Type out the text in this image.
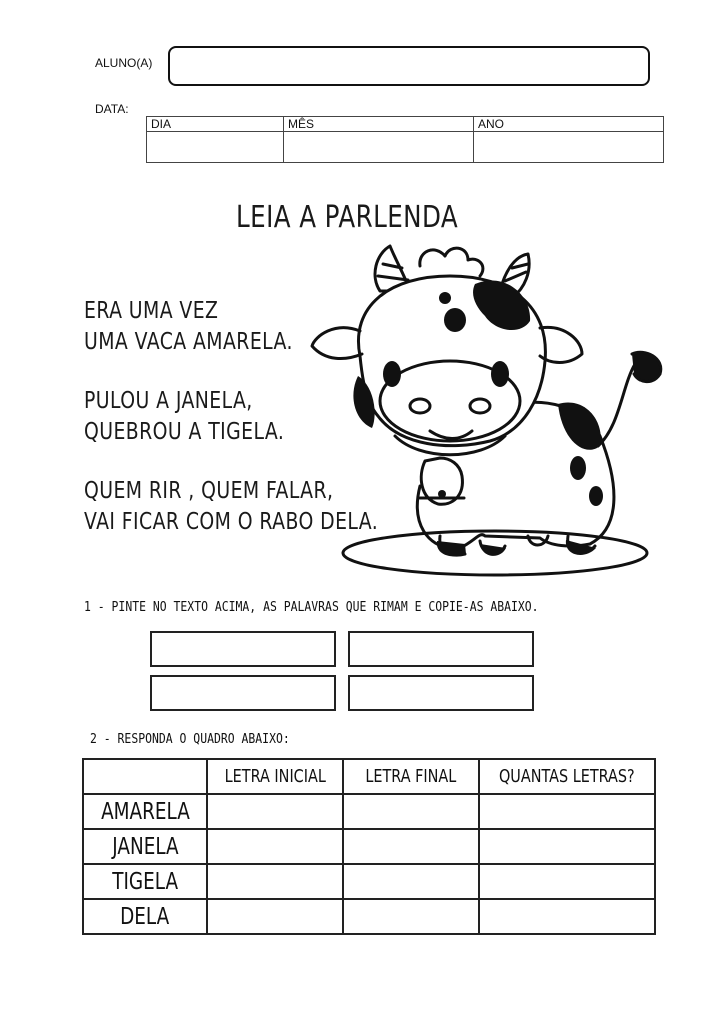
ALUNO(A)
DATA:
DIA	MÊS	ANO

LEIA A PARLENDA
ERA UMA VEZ
UMA VACA AMARELA.
PULOU A JANELA,
QUEBROU A TIGELA.
QUEM RIR , QUEM FALAR,
VAI FICAR COM O RABO DELA.
1 - PINTE NO TEXTO ACIMA, AS PALAVRAS QUE RIMAM E COPIE-AS ABAIXO.
2 - RESPONDA O QUADRO ABAIXO:
	LETRA INICIAL	LETRA FINAL	QUANTAS LETRAS?
AMARELA			
JANELA			
TIGELA			
DELA			
